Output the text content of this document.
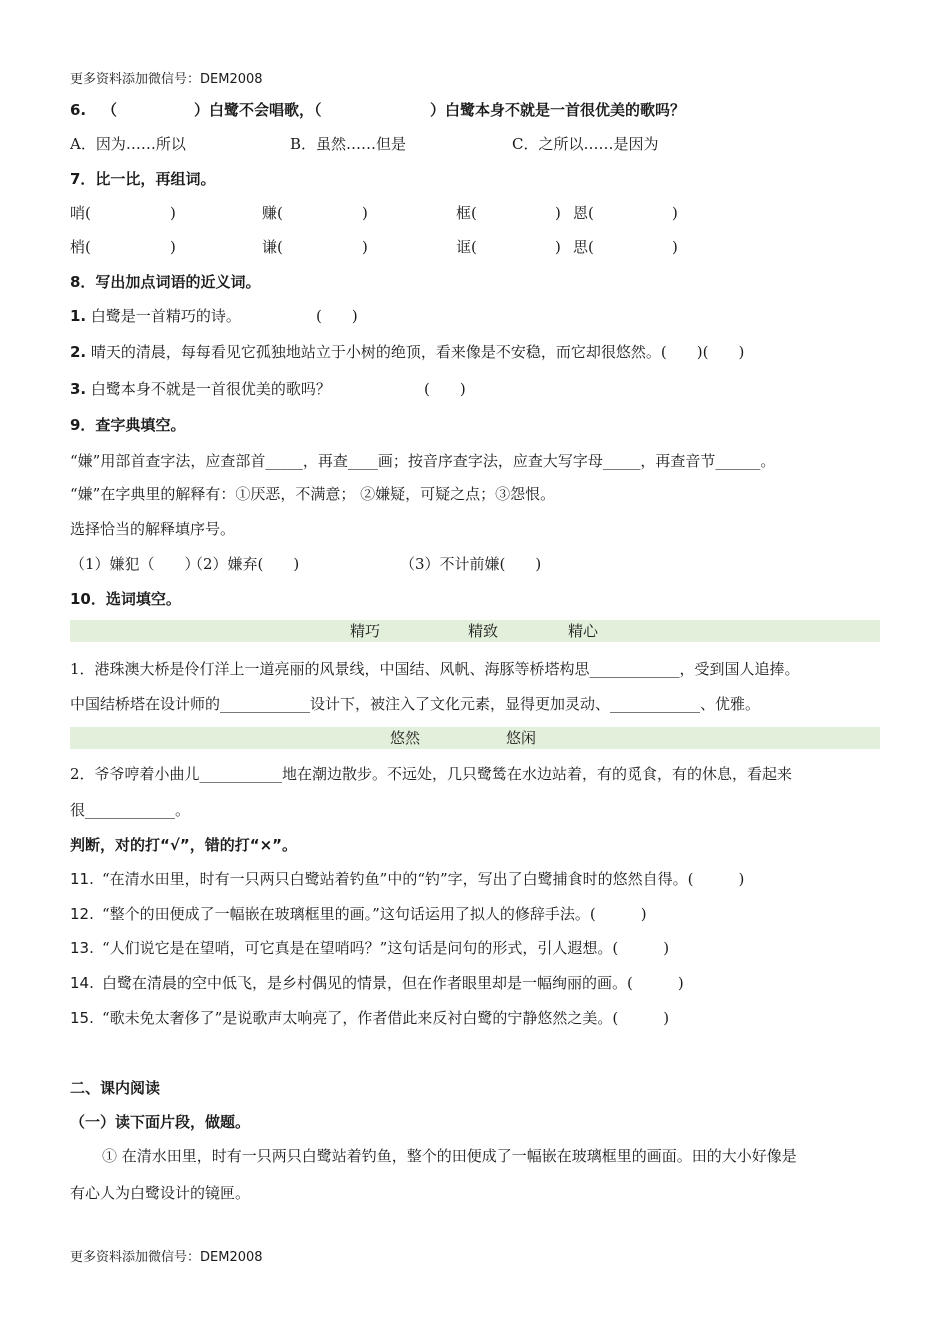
更多资料添加微信号：DEM2008
6. （	）白鹭不会唱歌，（	）白鹭本身不就是一首很优美的歌吗？
A．因为……所以	B．虽然……但是	C．之所以……是因为
7．比一比，再组词。
哨(	)	赚(	)	框(	) 恩(	)
梢(	)	谦(	)	诓(	) 思(	)
8．写出加点词语的近义词。
1. 白鹭是一首精巧的诗。	(　　)
2. 晴天的清晨，每每看见它孤独地站立于小树的绝顶，看来像是不安稳，而它却很悠然。(　　)(　　)
3. 白鹭本身不就是一首很优美的歌吗？	(　　)
9．查字典填空。
“嫌”用部首查字法，应查部首_____，再查____画；按音序查字法，应查大写字母_____，再查音节______。
“嫌”在字典里的解释有：①厌恶，不满意； ②嫌疑，可疑之点；③怨恨。
选择恰当的解释填序号。
（1）嫌犯（　　）
（2）嫌弃(　　)	（3）不计前嫌(　　)
10．选词填空。
精巧	精致	精心
1．港珠澳大桥是伶仃洋上一道亮丽的风景线，中国结、风帆、海豚等桥塔构思____________，受到国人追捧。
中国结桥塔在设计师的____________设计下，被注入了文化元素，显得更加灵动、____________、优雅。
悠然	悠闲
2．爷爷哼着小曲儿___________地在潮边散步。不远处，几只鹭鸶在水边站着，有的觅食，有的休息，看起来
很____________。
判断，对的打“√”，错的打“×”。
11. “在清水田里，时有一只两只白鹭站着钓鱼”中的“钓”字，写出了白鹭捕食时的悠然自得。(　　　)
12. “整个的田便成了一幅嵌在玻璃框里的画。”这句话运用了拟人的修辞手法。(　　　)
13. “人们说它是在望哨，可它真是在望哨吗？”这句话是问句的形式，引人遐想。(　　　)
14. 白鹭在清晨的空中低飞，是乡村偶见的情景，但在作者眼里却是一幅绚丽的画。(　　　)
15. “歌未免太奢侈了”是说歌声太响亮了，作者借此来反衬白鹭的宁静悠然之美。(　　　)
二、课内阅读
（一）读下面片段，做题。
① 在清水田里，时有一只两只白鹭站着钓鱼，整个的田便成了一幅嵌在玻璃框里的画面。田的大小好像是
有心人为白鹭设计的镜匣。
更多资料添加微信号：DEM2008
